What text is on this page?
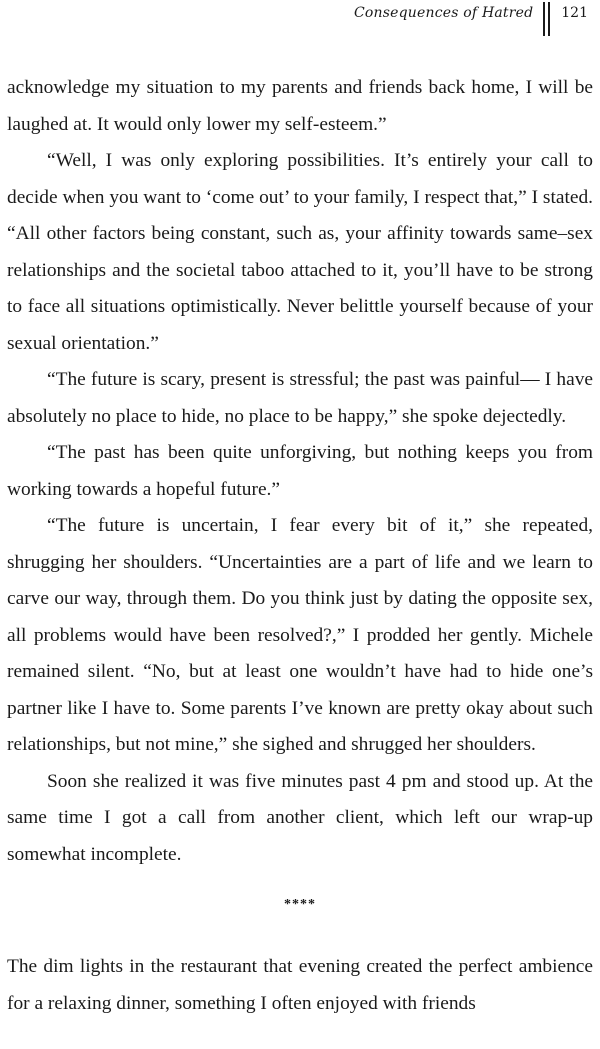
Consequences of Hatred 121

acknowledge my situation to my parents and friends back home, I will be laughed at. It would only lower my self-esteem.”

“Well, I was only exploring possibilities. It’s entirely your call to decide when you want to ‘come out’ to your family, I respect that,” I stated. “All other factors being constant, such as, your affinity towards same–sex relationships and the societal taboo attached to it, you’ll have to be strong to face all situations optimistically. Never belittle yourself because of your sexual orientation.”

“The future is scary, present is stressful; the past was painful— I have absolutely no place to hide, no place to be happy,” she spoke dejectedly.

“The past has been quite unforgiving, but nothing keeps you from working towards a hopeful future.”

“The future is uncertain, I fear every bit of it,” she repeated, shrugging her shoulders. “Uncertainties are a part of life and we learn to carve our way, through them. Do you think just by dating the opposite sex, all problems would have been resolved?,” I prodded her gently. Michele remained silent. “No, but at least one wouldn’t have had to hide one’s partner like I have to. Some parents I’ve known are pretty okay about such relationships, but not mine,” she sighed and shrugged her shoulders.

Soon she realized it was five minutes past 4 pm and stood up. At the same time I got a call from another client, which left our wrap-up somewhat incomplete.

****

The dim lights in the restaurant that evening created the perfect ambience for a relaxing dinner, something I often enjoyed with friends
